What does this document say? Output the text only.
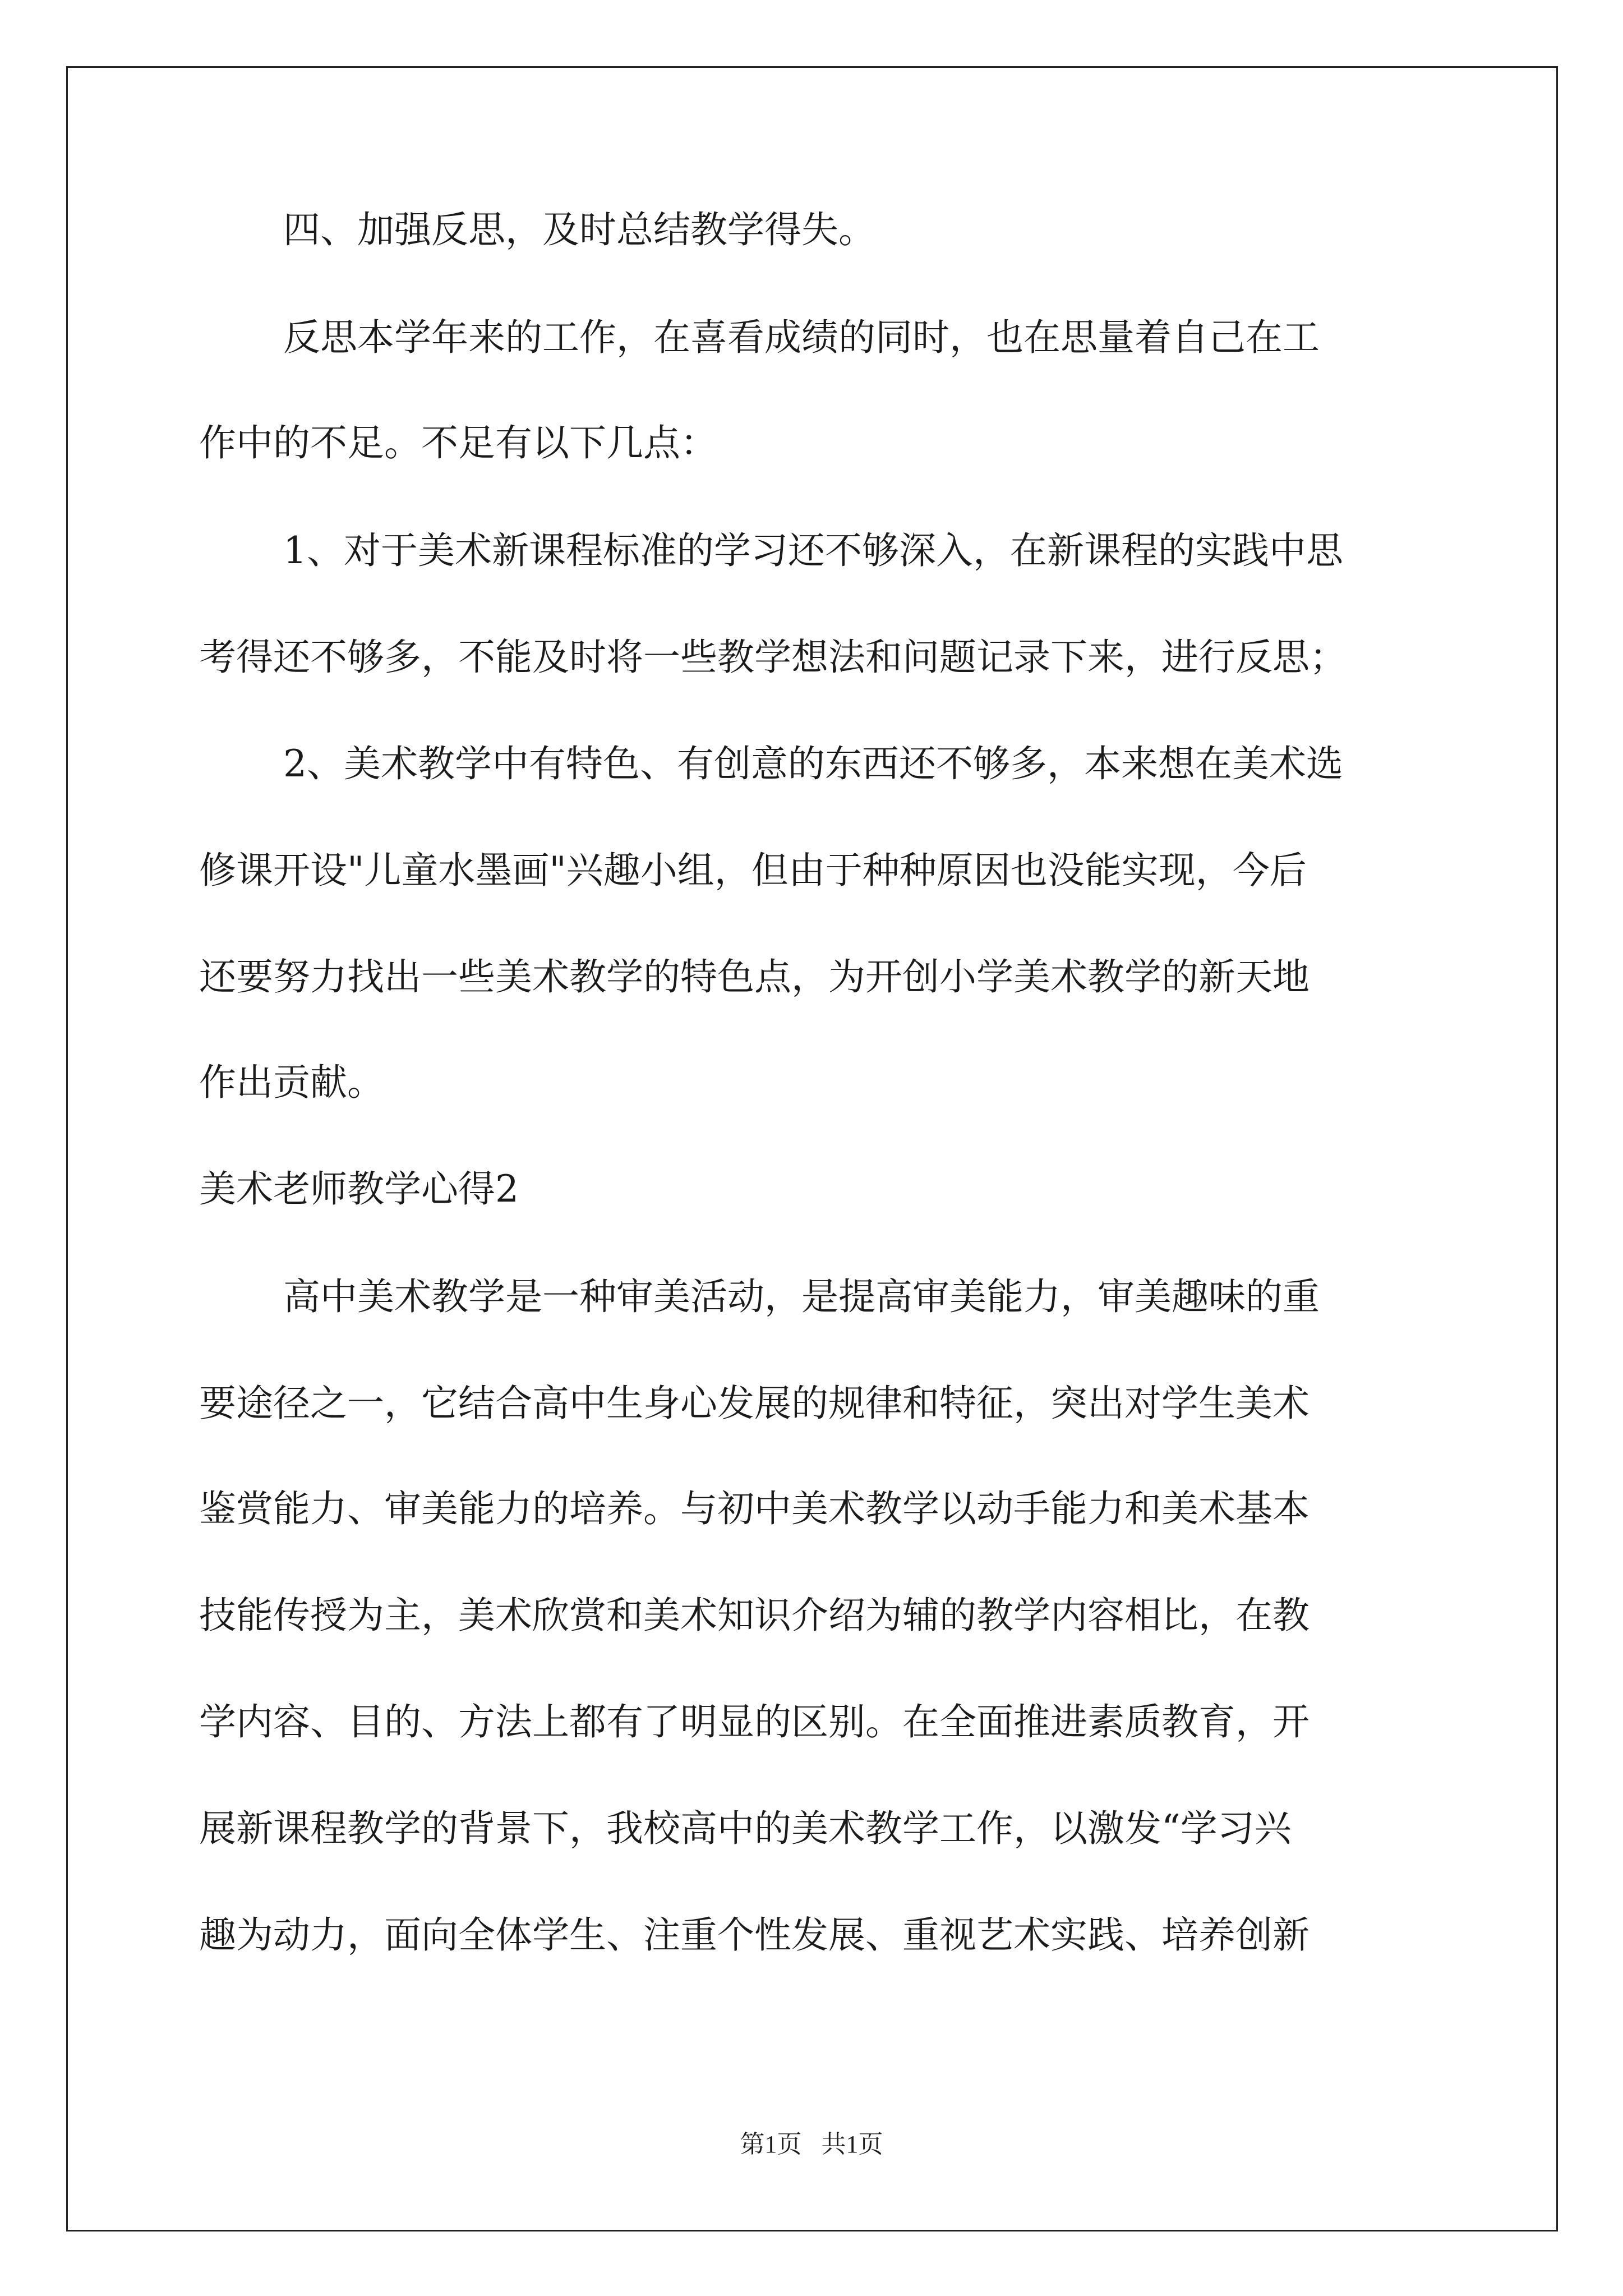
四、加强反思，及时总结教学得失。
反思本学年来的工作，在喜看成绩的同时，也在思量着自己在工
作中的不足。不足有以下几点：
1、对于美术新课程标准的学习还不够深入，在新课程的实践中思
考得还不够多，不能及时将一些教学想法和问题记录下来，进行反思；
2、美术教学中有特色、有创意的东西还不够多，本来想在美术选
修课开设"儿童水墨画"兴趣小组，但由于种种原因也没能实现，今后
还要努力找出一些美术教学的特色点，为开创小学美术教学的新天地
作出贡献。
美术老师教学心得2
高中美术教学是一种审美活动，是提高审美能力，审美趣味的重
要途径之一，它结合高中生身心发展的规律和特征，突出对学生美术
鉴赏能力、审美能力的培养。与初中美术教学以动手能力和美术基本
技能传授为主，美术欣赏和美术知识介绍为辅的教学内容相比，在教
学内容、目的、方法上都有了明显的区别。在全面推进素质教育，开
展新课程教学的背景下，我校高中的美术教学工作，以激发“学习兴
趣为动力，面向全体学生、注重个性发展、重视艺术实践、培养创新
第1页 共1页
